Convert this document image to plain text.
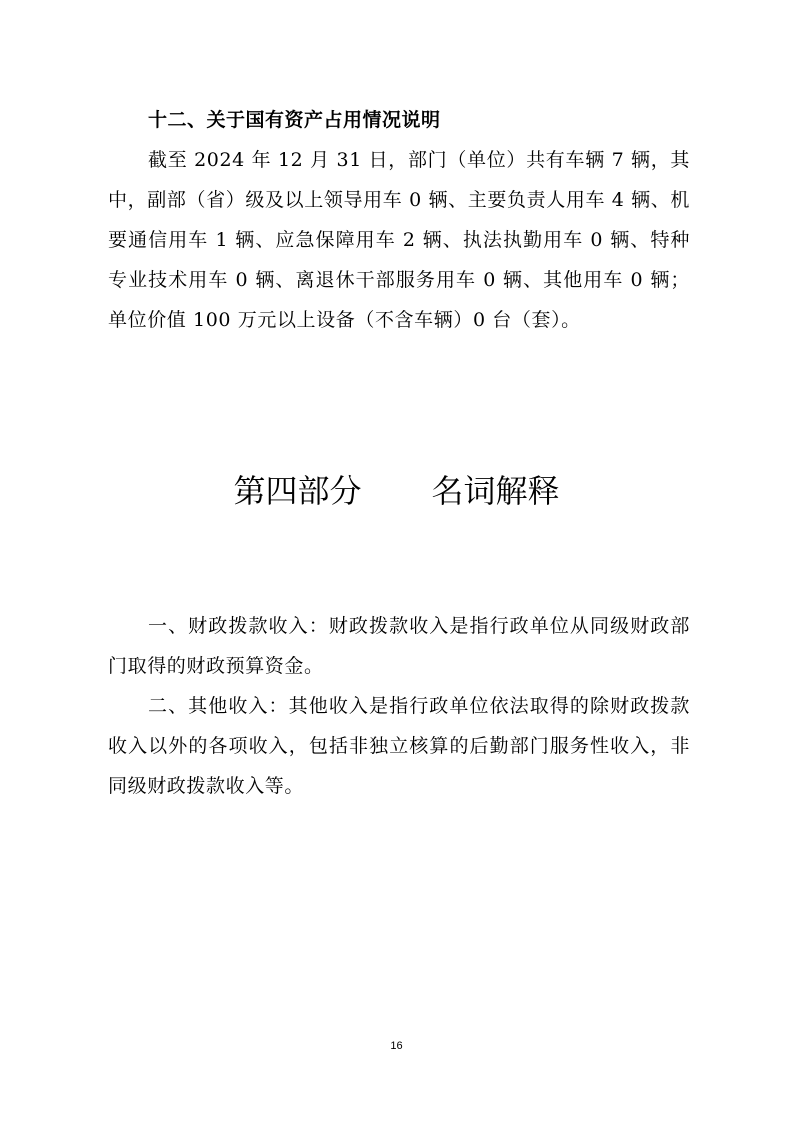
十二、关于国有资产占用情况说明

截至 2024 年 12 月 31 日，部门（单位）共有车辆 7 辆，其中，副部（省）级及以上领导用车 0 辆、主要负责人用车 4 辆、机要通信用车 1 辆、应急保障用车 2 辆、执法执勤用车 0 辆、特种专业技术用车 0 辆、离退休干部服务用车 0 辆、其他用车 0 辆；单位价值 100 万元以上设备（不含车辆）0 台（套）。

第四部分 名词解释

一、财政拨款收入：财政拨款收入是指行政单位从同级财政部门取得的财政预算资金。

二、其他收入：其他收入是指行政单位依法取得的除财政拨款收入以外的各项收入，包括非独立核算的后勤部门服务性收入，非同级财政拨款收入等。

16
